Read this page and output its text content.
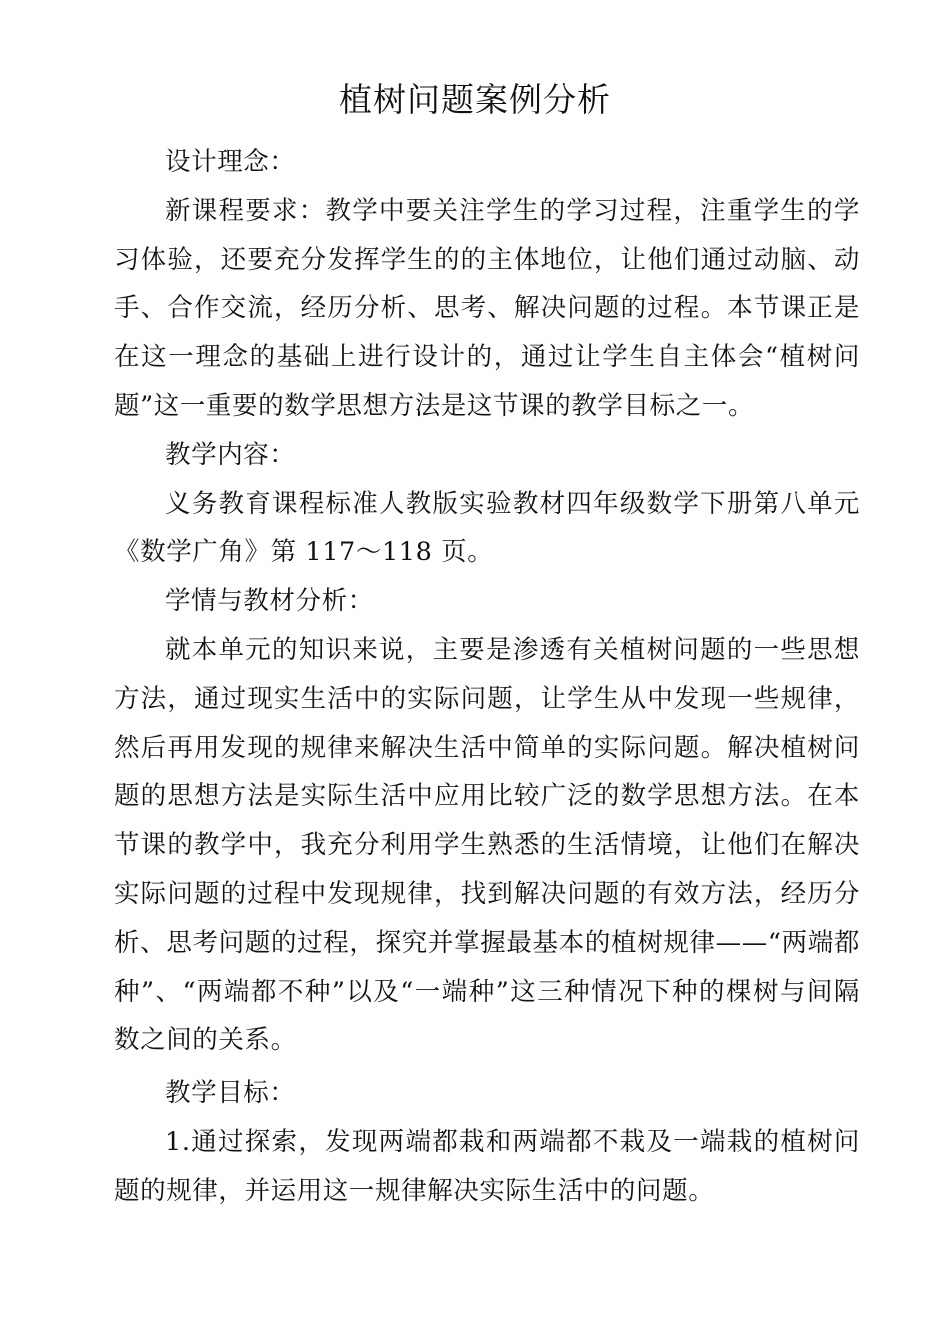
植树问题案例分析

设计理念：

新课程要求：教学中要关注学生的学习过程，注重学生的学习体验，还要充分发挥学生的的主体地位，让他们通过动脑、动手、合作交流，经历分析、思考、解决问题的过程。本节课正是在这一理念的基础上进行设计的，通过让学生自主体会“植树问题”这一重要的数学思想方法是这节课的教学目标之一。

教学内容：

义务教育课程标准人教版实验教材四年级数学下册第八单元《数学广角》第 117～118 页。

学情与教材分析：

就本单元的知识来说，主要是渗透有关植树问题的一些思想方法，通过现实生活中的实际问题，让学生从中发现一些规律，然后再用发现的规律来解决生活中简单的实际问题。解决植树问题的思想方法是实际生活中应用比较广泛的数学思想方法。在本节课的教学中，我充分利用学生熟悉的生活情境，让他们在解决实际问题的过程中发现规律，找到解决问题的有效方法，经历分析、思考问题的过程，探究并掌握最基本的植树规律——“两端都种”、“两端都不种”以及“一端种”这三种情况下种的棵树与间隔数之间的关系。

教学目标：

1.通过探索，发现两端都栽和两端都不栽及一端栽的植树问题的规律，并运用这一规律解决实际生活中的问题。
